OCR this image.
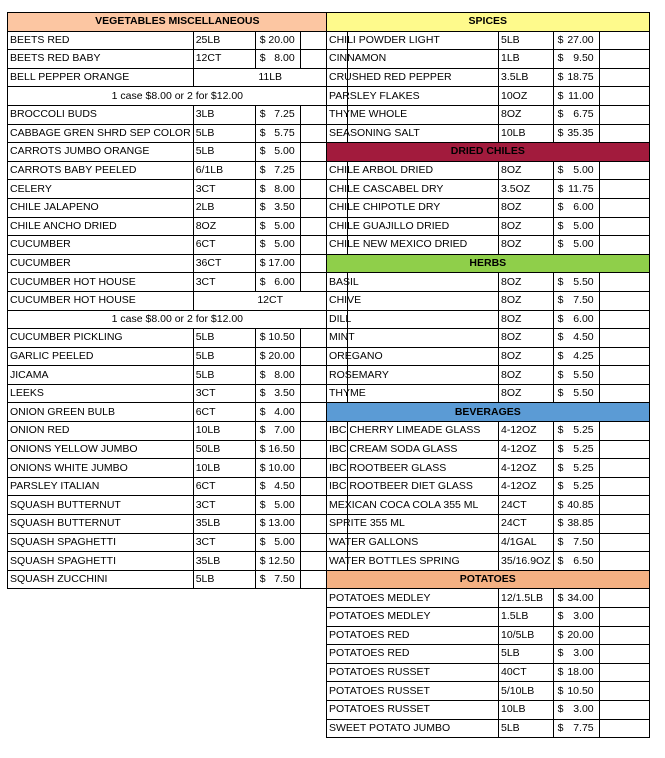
VEGETABLES MISCELLANEOUS			
BEETS RED	25LB	$ 20.00	

BEETS RED BABY	12CT	$ 8.00	

BELL PEPPER ORANGE	11LB		
1 case $8.00 or 2 for $12.00			
BROCCOLI BUDS	3LB	$ 7.25	

CABBAGE GREN SHRD SEP COLOR	5LB	$ 5.75	

CARROTS JUMBO ORANGE	5LB	$ 5.00	

CARROTS BABY PEELED	6/1LB	$ 7.25	

CELERY	3CT	$ 8.00	

CHILE JALAPENO	2LB	$ 3.50	

CHILE ANCHO DRIED	8OZ	$ 5.00	

CUCUMBER	6CT	$ 5.00	

CUCUMBER	36CT	$ 17.00	

CUCUMBER HOT HOUSE	3CT	$ 6.00	

CUCUMBER HOT HOUSE	12CT		
1 case $8.00 or 2 for $12.00			
CUCUMBER PICKLING	5LB	$ 10.50	

GARLIC PEELED	5LB	$ 20.00	

JICAMA	5LB	$ 8.00	

LEEKS	3CT	$ 3.50	

ONION GREEN BULB	6CT	$ 4.00	

ONION RED	10LB	$ 7.00	

ONIONS YELLOW JUMBO	50LB	$ 16.50	

ONIONS WHITE JUMBO	10LB	$ 10.00	

PARSLEY ITALIAN	6CT	$ 4.50	

SQUASH BUTTERNUT	3CT	$ 5.00	

SQUASH BUTTERNUT	35LB	$ 13.00	

SQUASH SPAGHETTI	3CT	$ 5.00	

SQUASH SPAGHETTI	35LB	$ 12.50	

SQUASH ZUCCHINI	5LB	$ 7.50	

SPICES			
CHILI POWDER LIGHT	5LB	$ 27.00	

CINNAMON	1LB	$ 9.50	

CRUSHED RED PEPPER	3.5LB	$ 18.75	

PARSLEY FLAKES	10OZ	$ 11.00	

THYME WHOLE	8OZ	$ 6.75	

SEASONING SALT	10LB	$ 35.35	

DRIED CHILES			
CHILE ARBOL DRIED	8OZ	$ 5.00	

CHILE CASCABEL DRY	3.5OZ	$ 11.75	

CHILE CHIPOTLE DRY	8OZ	$ 6.00	

CHILE GUAJILLO DRIED	8OZ	$ 5.00	

CHILE NEW MEXICO DRIED	8OZ	$ 5.00	

HERBS			
BASIL	8OZ	$ 5.50	

CHIVE	8OZ	$ 7.50	

DILL	8OZ	$ 6.00	

MINT	8OZ	$ 4.50	

OREGANO	8OZ	$ 4.25	

ROSEMARY	8OZ	$ 5.50	

THYME	8OZ	$ 5.50	

BEVERAGES			
IBC CHERRY LIMEADE GLASS	4-12OZ	$ 5.25	

IBC CREAM SODA GLASS	4-12OZ	$ 5.25	

IBC ROOTBEER GLASS	4-12OZ	$ 5.25	

IBC ROOTBEER DIET GLASS	4-12OZ	$ 5.25	

MEXICAN COCA COLA 355 ML	24CT	$ 40.85	

SPRITE 355 ML	24CT	$ 38.85	

WATER GALLONS	4/1GAL	$ 7.50	

WATER BOTTLES SPRING	35/16.9OZ	$ 6.50	

POTATOES			
POTATOES MEDLEY	12/1.5LB	$ 34.00	

POTATOES MEDLEY	1.5LB	$ 3.00	

POTATOES RED	10/5LB	$ 20.00	

POTATOES RED	5LB	$ 3.00	

POTATOES RUSSET	40CT	$ 18.00	

POTATOES RUSSET	5/10LB	$ 10.50	

POTATOES RUSSET	10LB	$ 3.00	

SWEET POTATO JUMBO	5LB	$ 7.75	
